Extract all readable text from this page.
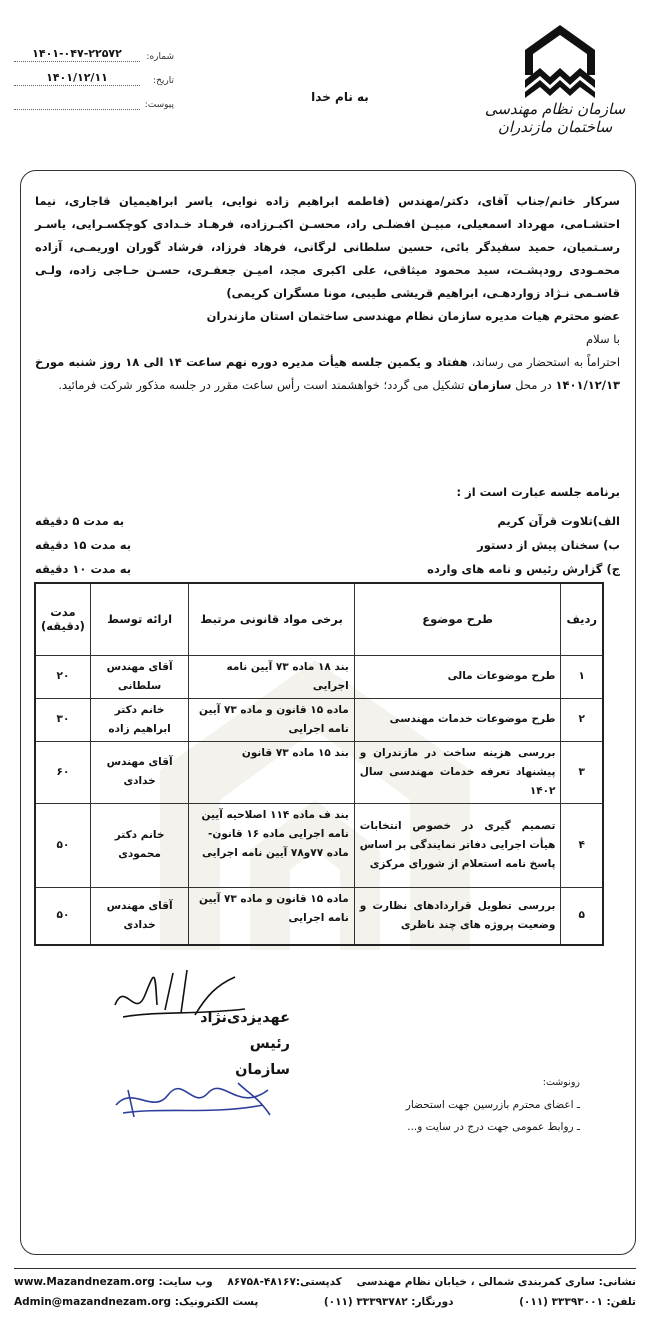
سازمان نظام مهندسی ساختمان مازندران
شماره:
۱۴۰۱-۰۴۷-۲۲۵۷۲
تاریخ:
۱۴۰۱/۱۲/۱۱
پیوست:
به نام خدا

سرکار خانم/جناب آقای، دکتر/مهندس (فاطمه ابراهیم زاده نوایی، یاسر ابراهیمیان قاجاری، نیما احتشـامی، مهرداد اسمعیلی، مبیـن افضلـی راد، محسـن اکبـرزاده، فرهـاد خـدادی کوچکسـرایی، یاسـر رسـتمیان، حمید سفیدگر بائی، حسین سلطانی لرگانی، فرهاد فرزاد، فرشاد گوران اوریمـی، آزاده محمـودی رودپشـت، سید محمود میثاقی، علی اکبری مجد، امیـن جعفـری، حسـن حـاجی زاده، ولـی قاسـمی نـژاد زواردهـی، ابراهیم قریشی طیبی، مونا مسگران کریمی)

عضو محترم هیات مدیره سازمان نظام مهندسی ساختمان استان مازندران

با سلام

احتراماً به استحضار می رساند، هفتاد و یکمین جلسه هیأت مدیره دوره نهم ساعت ۱۴ الی ۱۸ روز شنبه مورخ ۱۴۰۱/۱۲/۱۳ در محل سازمان تشکیل می گردد؛ خواهشمند است رأس ساعت مقرر در جلسه مذکور شرکت فرمائید.

برنامه جلسه عبارت است از :
الف)تلاوت قرآن کریم
به مدت ۵ دقیقه
ب) سخنان پیش از دستور
به مدت ۱۵ دقیقه
ج) گزارش رئیس و نامه های وارده
به مدت ۱۰ دقیقه
ردیف	طرح موضوع	برخی مواد قانونی مرتبط	ارائه توسط	مدت (دقیقه)
۱	طرح موضوعات مالی	بند ۱۸ ماده ۷۳ آیین نامه اجرایی	آقای مهندس سلطانی	۲۰
۲	طرح موضوعات خدمات مهندسی	ماده ۱۵ قانون و ماده ۷۳ آیین نامه اجرایی	خانم دکتر ابراهیم زاده	۳۰
۳	بررسی هزینه ساخت در مازندران و پیشنهاد تعرفه خدمات مهندسی سال ۱۴۰۲	بند ۱۵ ماده ۷۳ قانون	آقای مهندس خدادی	۶۰
۴	تصمیم گیری در خصوص انتخابات هیأت اجرایی دفاتر نمایندگی بر اساس پاسخ نامه استعلام از شورای مرکزی	بند ف ماده ۱۱۴ اصلاحیه آیین نامه اجرایی ماده ۱۶ قانون-ماده ۷۷و۷۸ آیین نامه اجرایی	خانم دکتر محمودی	۵۰
۵	بررسی تطویل قراردادهای نظارت و وضعیت پروژه های چند ناظری	ماده ۱۵ قانون و ماده ۷۳ آیین نامه اجرایی	آقای مهندس خدادی	۵۰
عهدیزدی‌نژاد
رئیس سازمان
رونوشت:
ـ اعضای محترم بازرسین جهت استحضار
ـ روابط عمومی جهت درج در سایت و...
نشانی: ساری کمربندی شمالی ، خیابان نظام مهندسی
کدپستی:۴۸۱۶۷-۸۶۷۵۸
وب سایت: www.Mazandnezam.org
تلفن: ۳۳۳۹۳۰۰۱ (۰۱۱)
دورنگار: ۳۳۳۹۳۷۸۲ (۰۱۱)
پست الکترونیک: Admin@mazandnezam.org
